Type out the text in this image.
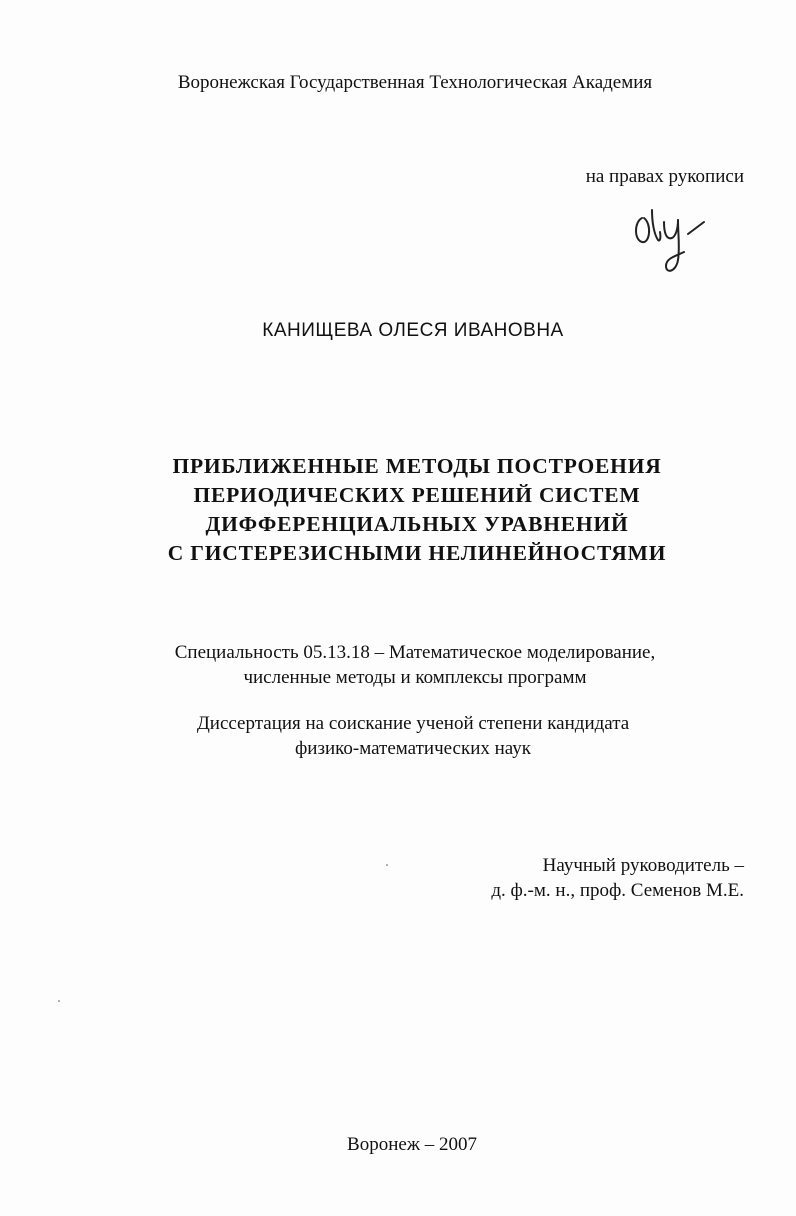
Воронежская Государственная Технологическая Академия
на правах рукописи
КАНИЩЕВА ОЛЕСЯ ИВАНОВНА
ПРИБЛИЖЕННЫЕ МЕТОДЫ ПОСТРОЕНИЯ
ПЕРИОДИЧЕСКИХ РЕШЕНИЙ СИСТЕМ
ДИФФЕРЕНЦИАЛЬНЫХ УРАВНЕНИЙ
С ГИСТЕРЕЗИСНЫМИ НЕЛИНЕЙНОСТЯМИ
Специальность 05.13.18 – Математическое моделирование,
численные методы и комплексы программ
Диссертация на соискание ученой степени кандидата
физико-математических наук
Научный руководитель –
д. ф.-м. н., проф. Семенов М.Е.
Воронеж – 2007
